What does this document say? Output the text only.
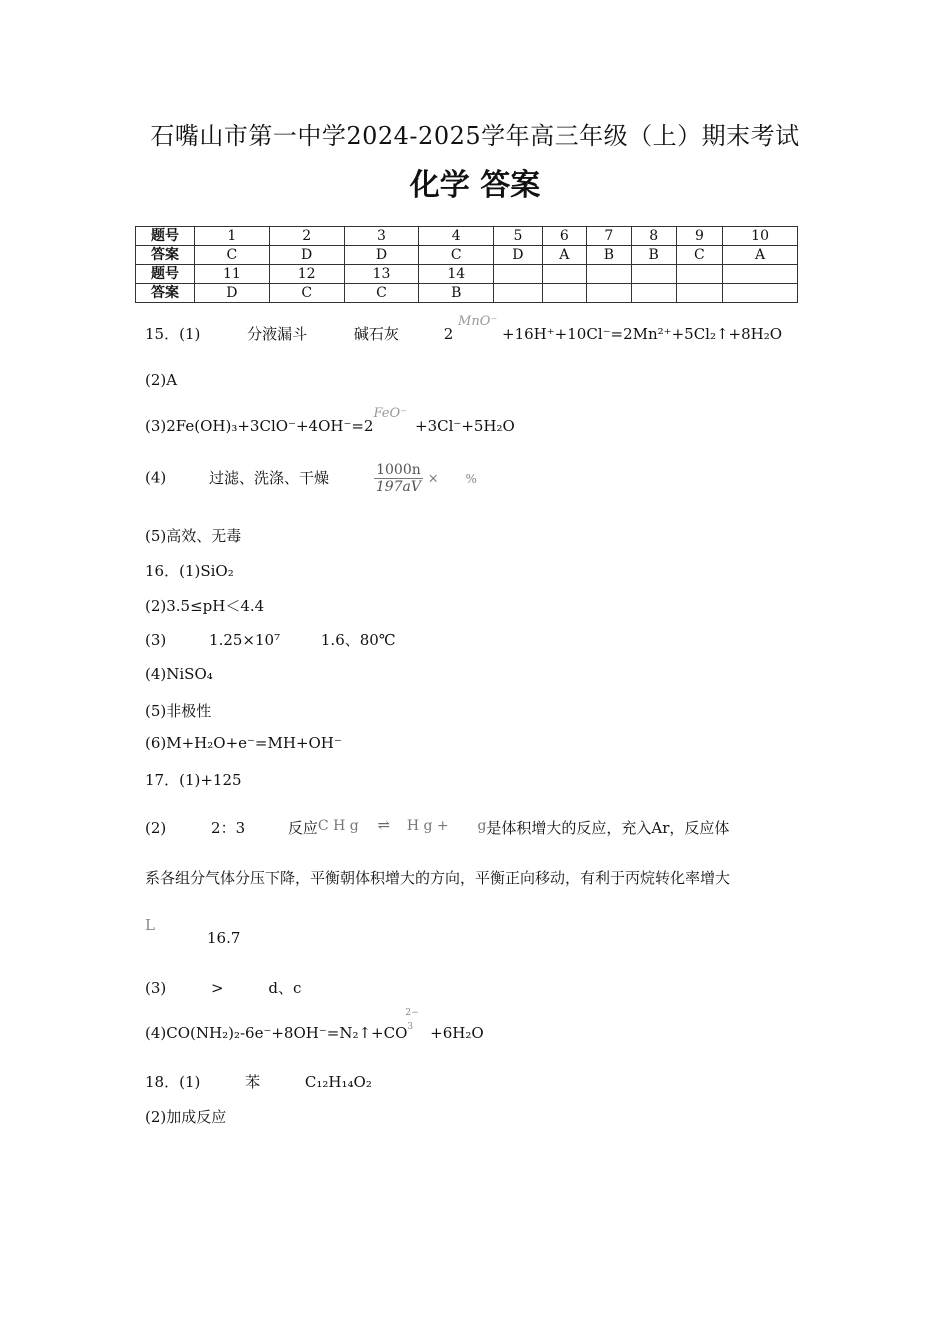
石嘴山市第一中学2024-2025学年高三年级（上）期末考试
化学 答案
题号	1	2	3	4	5	6	7	8	9	10
答案	C	D	D	C	D	A	B	B	C	A
题号	11	12	13	14						
答案	D	C	C	B						
15．(1)	分液漏斗	碱石灰	2 MnO⁻ +16H⁺+10Cl⁻=2Mn²⁺+5Cl₂↑+8H₂O
(2)A
(3)2Fe(OH)₃+3ClO⁻+4OH⁻=2FeO⁻+3Cl⁻+5H₂O
(4)	过滤、洗涤、干燥	$\frac{1000n}{197aV}$ × %
(5)高效、无毒
16．(1)SiO₂
(2)3.5≤pH＜4.4
(3)	1.25×10⁷	1.6、80℃
(4)NiSO₄
(5)非极性
(6)M+H₂O+e⁻=MH+OH⁻
17．(1)+125
(2)	2：3	反应C H g ⇌ H g + g是体积增大的反应，充入Ar，反应体
系各组分气体分压下降，平衡朝体积增大的方向，平衡正向移动，有利于丙烷转化率增大
L
16.7
(3)	>	d、c
(4)CO(NH₂)₂-6e⁻+8OH⁻=N₂↑+CO
2−
3 +6H₂O
18．(1)	苯	C₁₂H₁₄O₂
(2)加成反应
